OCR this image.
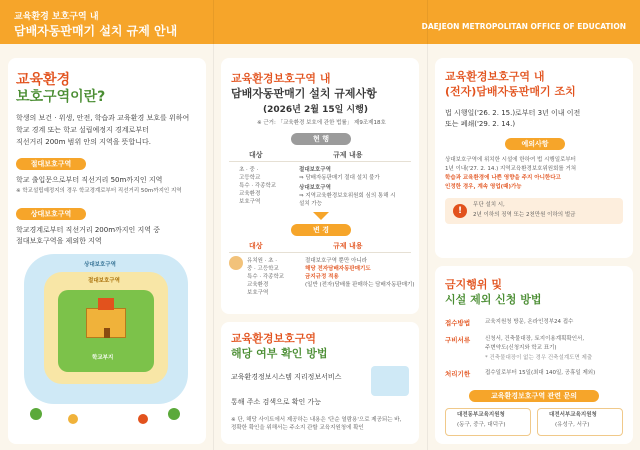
교육환경 보호구역 내
담배자동판매기 설치 규제 안내	DAEJEON METROPOLITAN OFFICE OF EDUCATION
교육환경
보호구역이란?
학생의 보건 · 위생, 안전, 학습과 교육환경 보호를 위하여
학교 경계 또는 학교 설립예정지 경계로부터
직선거리 200m 범위 안의 지역을 뜻합니다.
절대보호구역
학교 출입문으로부터 직선거리 50m까지인 지역
※ 학교설립예정지의 경우 학교경계로부터 직선거리 50m까지인 지역
상대보호구역
학교경계로부터 직선거리 200m까지인 지역 중
절대보호구역을 제외한 지역
상대보호구역
절대보호구역
학교부지
교육환경보호구역 내
담배자동판매기 설치 규제사항
(2026년 2월 15일 시행)
※ 근거: 「교육환경 보호에 관한 법률」 제9조제18호
현 행
대상	규제 내용
초 · 중 ·
고등학교
특수 · 각종학교
교육환경
보호구역
절대보호구역
⇒ 담배자동판매기 절대 설치 불가
상대보호구역
⇒ 지역교육환경보호위원회 심의 통해 시
설치 가능
변 경
대상	규제 내용
유치원 · 초 ·
중 · 고등학교
특수 · 각종학교
교육환경
보호구역
절대보호구역 뿐만 아니라
해당 전자담배자동판매기도
금지규정 적용
(일반 (전자)담배를 판매하는 담배자동판매기)
교육환경보호구역
해당 여부 확인 방법
교육환경정보시스템 지리정보서비스
통해 주소 검색으로 확인 가능
※ 단, 해당 사이트에서 제공하는 내용은 '단순 열람용'으로 제공되는 바,
정확한 확인을 위해서는 주소지 관할 교육지원청에 확인
교육환경보호구역 내
(전자)담배자동판매기 조치
법 시행일('26. 2. 15.)로부터 3년 이내 이전
또는 폐쇄('29. 2. 14.)
예외사항
상대보호구역에 위치한 시설에 한하여 법 시행일로부터
1년 이내('27. 2. 14.) 지역교육환경보호위원회를 거쳐
학습과 교육환경에 나쁜 영향을 주지 아니한다고
인정한 경우, 계속 영업(때)가능
!
무단 설치 시,
2년 이하의 징역 또는 2천만원 이하의 벌금
금지행위 및
시설 제외 신청 방법
접수방법	교육지원청 방문, 온라인정부24 접수
구비서류	신청서, 건축물대장, 토지이용계획확인서,
주변약도(신청지와 학교 표기)
* 건축물대장이 없는 경우 건축설계도면 제출
처리기한	접수일로부터 15일(최대 140일, 공휴일 제외)
교육환경보호구역 관련 문의
대전동부교육지원청
(동구, 중구, 대덕구)
대전서부교육지원청
(유성구, 서구)
